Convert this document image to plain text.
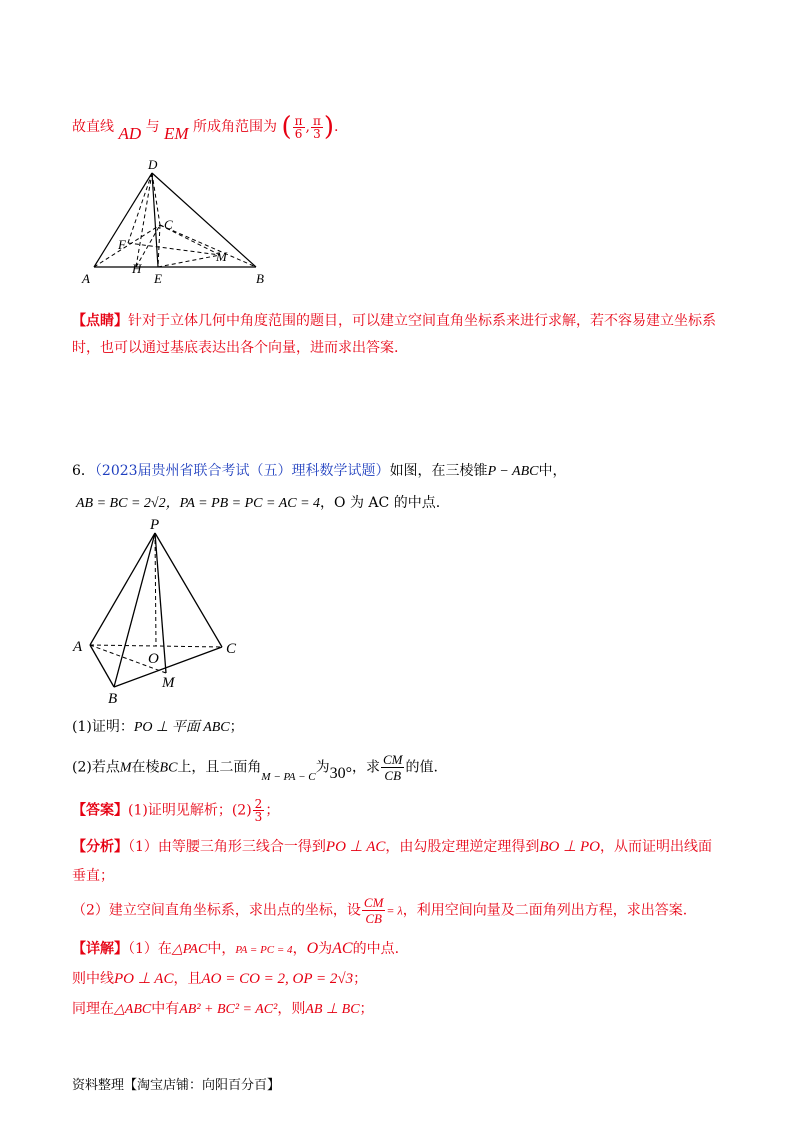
故直线 AD 与 EM 所成角范围为 ( $\frac{\pi}{6}$ , $\frac{\pi}{3}$ ).
D
C
F
M
H
A	E	B
【点睛】针对于立体几何中角度范围的题目，可以建立空间直角坐标系来进行求解，若不容易建立坐标系
时，也可以通过基底表达出各个向量，进而求出答案.
6．（2023届贵州省联合考试（五）理科数学试题）如图，在三棱锥P − ABC中，
AB = BC = 2√2，PA = PB = PC = AC = 4，O 为 AC 的中点.
P
A	C
O
M
B
(1)证明：PO ⊥ 平面 ABC；
(2)若点M在棱BC上，且二面角$_{M - PA - C}$为30°，求 $\frac{CM}{CB}$ 的值.
【答案】(1)证明见解析；$(2) \frac{2}{3}$ ；
【分析】（1）由等腰三角形三线合一得到PO ⊥ AC，由勾股定理逆定理得到BO ⊥ PO，从而证明出线面
垂直；
（2）建立空间直角坐标系，求出点的坐标，设 $\frac{CM}{CB} = \lambda$，利用空间向量及二面角列出方程，求出答案.
【详解】（1）在△PAC中，PA = PC = 4，O为AC的中点.
则中线PO ⊥ AC，且AO = CO = 2, OP = 2√3；
同理在△ABC中有AB² + BC² = AC²，则AB ⊥ BC；
资料整理【淘宝店铺：向阳百分百】
